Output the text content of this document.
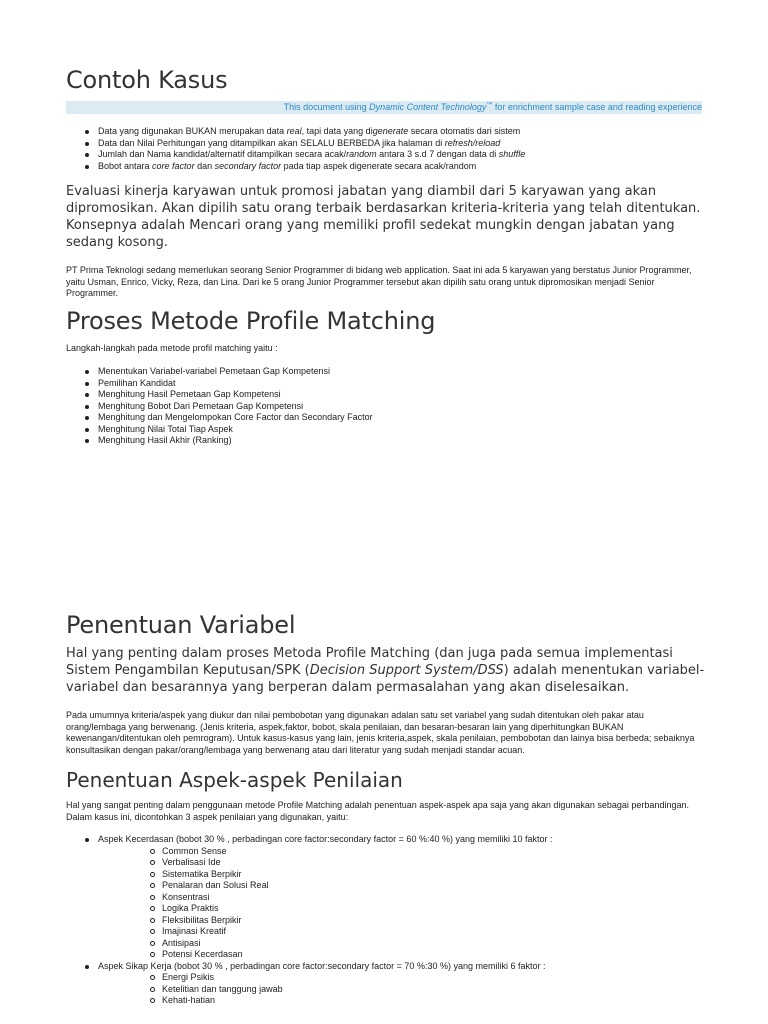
Contoh Kasus
This document using Dynamic Content Technology™ for enrichment sample case and reading experience
Data yang digunakan BUKAN merupakan data real, tapi data yang digenerate secara otomatis dari sistem
Data dan Nilai Perhitungan yang ditampilkan akan SELALU BERBEDA jika halaman di refresh/reload
Jumlah dan Nama kandidat/alternatif ditampilkan secara acak/random antara 3 s.d 7 dengan data di shuffle
Bobot antara core factor dan secondary factor pada tiap aspek digenerate secara acak/random

Evaluasi kinerja karyawan untuk promosi jabatan yang diambil dari 5 karyawan yang akan dipromosikan. Akan dipilih satu orang terbaik berdasarkan kriteria-kriteria yang telah ditentukan. Konsepnya adalah Mencari orang yang memiliki profil sedekat mungkin dengan jabatan yang sedang kosong.

PT Prima Teknologi sedang memerlukan seorang Senior Programmer di bidang web application. Saat ini ada 5 karyawan yang berstatus Junior Programmer, yaitu Usman, Enrico, Vicky, Reza, dan Lina. Dari ke 5 orang Junior Programmer tersebut akan dipilih satu orang untuk dipromosikan menjadi Senior Programmer.

Proses Metode Profile Matching

Langkah-langkah pada metode profil matching yaitu :

Menentukan Variabel-variabel Pemetaan Gap Kompetensi
Pemilihan Kandidat
Menghitung Hasil Pemetaan Gap Kompetensi
Menghitung Bobot Dari Pemetaan Gap Kompetensi
Menghitung dan Mengelompokan Core Factor dan Secondary Factor
Menghitung Nilai Total Tiap Aspek
Menghitung Hasil Akhir (Ranking)
Penentuan Variabel

Hal yang penting dalam proses Metoda Profile Matching (dan juga pada semua implementasi Sistem Pengambilan Keputusan/SPK (Decision Support System/DSS) adalah menentukan variabel-variabel dan besarannya yang berperan dalam permasalahan yang akan diselesaikan.

Pada umumnya kriteria/aspek yang diukur dan nilai pembobotan yang digunakan adalan satu set variabel yang sudah ditentukan oleh pakar atau orang/lembaga yang berwenang. (Jenis kriteria, aspek,faktor, bobot, skala penilaian, dan besaran-besaran lain yang diperhitungkan BUKAN kewenangan/ditentukan oleh pemrogram). Untuk kasus-kasus yang lain, jenis kriteria,aspek, skala penilaian, pembobotan dan lainya bisa berbeda; sebaiknya konsultasikan dengan pakar/orang/lembaga yang berwenang atau dari literatur yang sudah menjadi standar acuan.

Penentuan Aspek-aspek Penilaian

Hal yang sangat penting dalam penggunaan metode Profile Matching adalah penentuan aspek-aspek apa saja yang akan digunakan sebagai perbandingan. Dalam kasus ini, dicontohkan 3 aspek penilaian yang digunakan, yaitu:

Aspek Kecerdasan (bobot 30 % , perbadingan core factor:secondary factor = 60 %:40 %) yang memiliki 10 faktor :
Common Sense
Verbalisasi Ide
Sistematika Berpikir
Penalaran dan Solusi Real
Konsentrasi
Logika Praktis
Fleksibilitas Berpikir
Imajinasi Kreatif
Antisipasi
Potensi Kecerdasan
Aspek Sikap Kerja (bobot 30 % , perbadingan core factor:secondary factor = 70 %:30 %) yang memiliki 6 faktor :
Energi Psikis
Ketelitian dan tanggung jawab
Kehati-hatian
